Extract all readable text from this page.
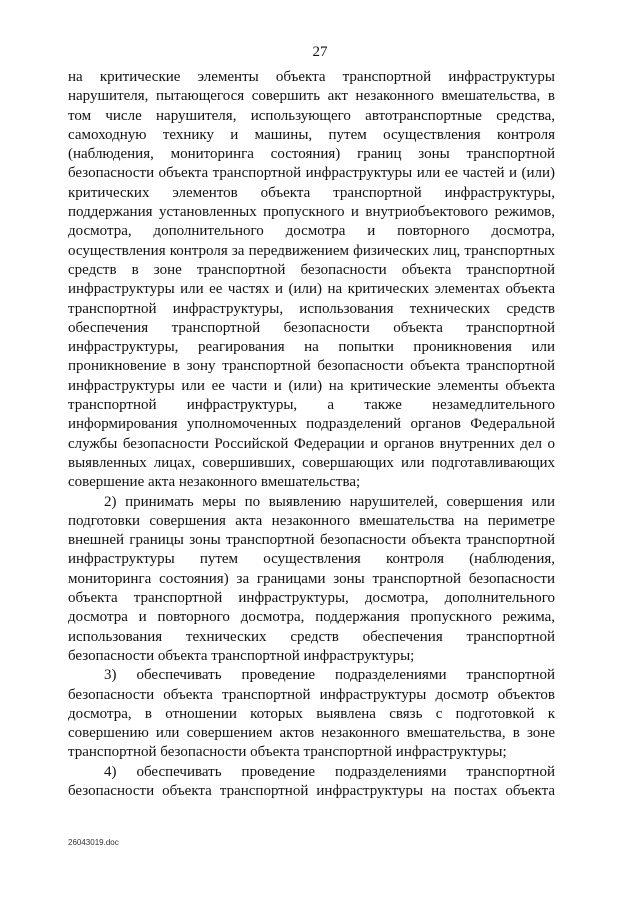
27

на критические элементы объекта транспортной инфраструктуры нарушителя, пытающегося совершить акт незаконного вмешательства, в том числе нарушителя, использующего автотранспортные средства, самоходную технику и машины, путем осуществления контроля (наблюдения, мониторинга состояния) границ зоны транспортной безопасности объекта транспортной инфраструктуры или ее частей и (или) критических элементов объекта транспортной инфраструктуры, поддержания установленных пропускного и внутриобъектового режимов, досмотра, дополнительного досмотра и повторного досмотра, осуществления контроля за передвижением физических лиц, транспортных средств в зоне транспортной безопасности объекта транспортной инфраструктуры или ее частях и (или) на критических элементах объекта транспортной инфраструктуры, использования технических средств обеспечения транспортной безопасности объекта транспортной инфраструктуры, реагирования на попытки проникновения или проникновение в зону транспортной безопасности объекта транспортной инфраструктуры или ее части и (или) на критические элементы объекта транспортной инфраструктуры, а также незамедлительного информирования уполномоченных подразделений органов Федеральной службы безопасности Российской Федерации и органов внутренних дел о выявленных лицах, совершивших, совершающих или подготавливающих совершение акта незаконного вмешательства;

2) принимать меры по выявлению нарушителей, совершения или подготовки совершения акта незаконного вмешательства на периметре внешней границы зоны транспортной безопасности объекта транспортной инфраструктуры путем осуществления контроля (наблюдения, мониторинга состояния) за границами зоны транспортной безопасности объекта транспортной инфраструктуры, досмотра, дополнительного досмотра и повторного досмотра, поддержания пропускного режима, использования технических средств обеспечения транспортной безопасности объекта транспортной инфраструктуры;

3) обеспечивать проведение подразделениями транспортной безопасности объекта транспортной инфраструктуры досмотр объектов досмотра, в отношении которых выявлена связь с подготовкой к совершению или совершением актов незаконного вмешательства, в зоне транспортной безопасности объекта транспортной инфраструктуры;

4) обеспечивать проведение подразделениями транспортной безопасности объекта транспортной инфраструктуры на постах объекта

26043019.doc
